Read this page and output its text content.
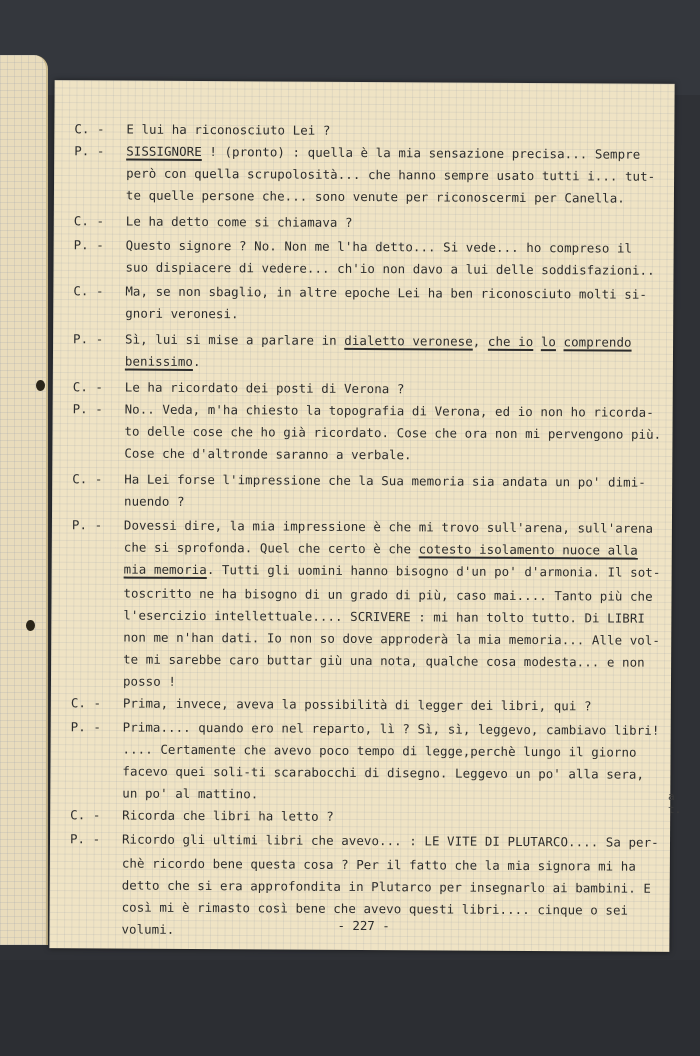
C. - E lui ha riconosciuto Lei ?
P. - SISSIGNORE ! (pronto) : quella è la mia sensazione precisa... Sempre
però con quella scrupolosità... che hanno sempre usato tutti i... tut-
te quelle persone che... sono venute per riconoscermi per Canella.
C. - Le ha detto come si chiamava ?
P. - Questo signore ? No. Non me l'ha detto... Si vede... ho compreso il
suo dispiacere di vedere... ch'io non davo a lui delle soddisfazioni..
C. - Ma, se non sbaglio, in altre epoche Lei ha ben riconosciuto molti si-
gnori veronesi.
P. - Sì, lui si mise a parlare in dialetto veronese, che io lo comprendo
benissimo.
C. - Le ha ricordato dei posti di Verona ?
P. - No.. Veda, m'ha chiesto la topografia di Verona, ed io non ho ricorda-
to delle cose che ho già ricordato. Cose che ora non mi pervengono più.
Cose che d'altronde saranno a verbale.
C. - Ha Lei forse l'impressione che la Sua memoria sia andata un po' dimi-
nuendo ?
P. - Dovessi dire, la mia impressione è che mi trovo sull'arena, sull'arena
che si sprofonda. Quel che certo è che cotesto isolamento nuoce alla
mia memoria. Tutti gli uomini hanno bisogno d'un po' d'armonia. Il sot-
toscritto ne ha bisogno di un grado di più, caso mai.... Tanto più che
l'esercizio intellettuale.... SCRIVERE : mi han tolto tutto. Di LIBRI
non me n'han dati. Io non so dove approderà la mia memoria... Alle vol-
te mi sarebbe caro buttar giù una nota, qualche cosa modesta... e non
posso !
C. - Prima, invece, aveva la possibilità di legger dei libri, qui ?
P. - Prima.... quando ero nel reparto, lì ? Sì, sì, leggevo, cambiavo libri!
.... Certamente che avevo poco tempo di legge,perchè lungo il giorno
facevo quei soli-ti scarabocchi di disegno. Leggevo un po' alla sera,
un po' al mattino.
C. - Ricorda che libri ha letto ?
P. - Ricordo gli ultimi libri che avevo... : LE VITE DI PLUTARCO.... Sa per-
chè ricordo bene questa cosa ? Per il fatto che la mia signora mi ha
detto che si era approfondita in Plutarco per insegnarlo ai bambini. E
così mi è rimasto così bene che avevo questi libri.... cinque o sei
volumi.	- 227 -
a t.
